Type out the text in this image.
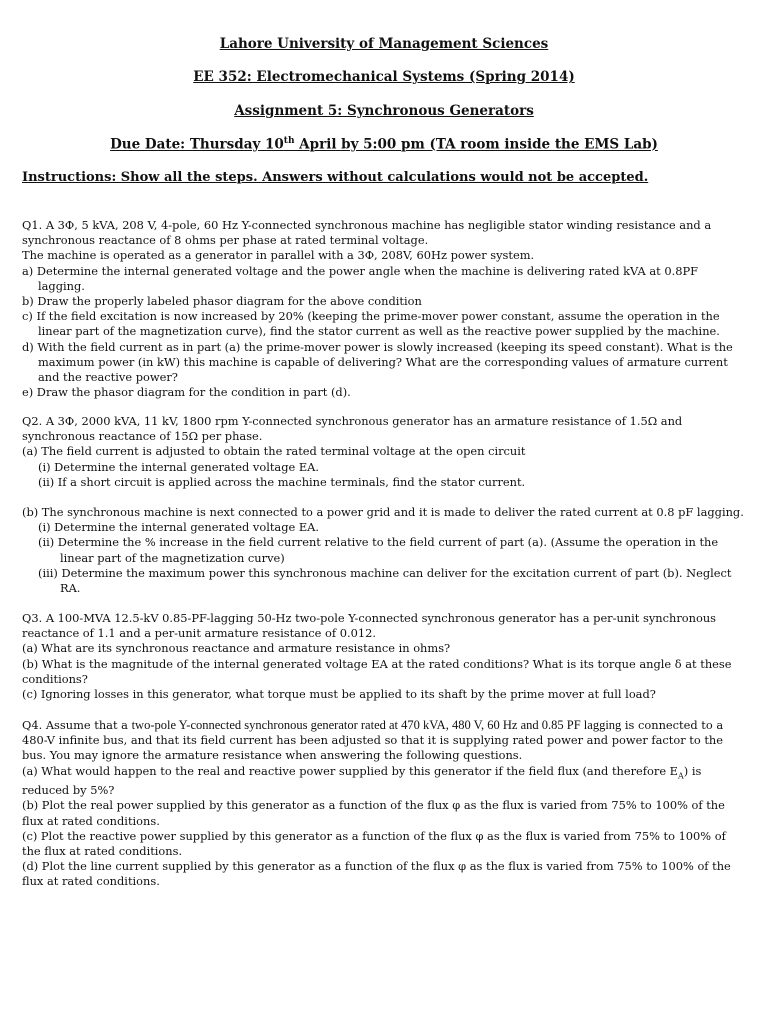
Lahore University of Management Sciences
EE 352: Electromechanical Systems (Spring 2014)
Assignment 5: Synchronous Generators
Due Date: Thursday 10th April by 5:00 pm (TA room inside the EMS Lab)
Instructions: Show all the steps. Answers without calculations would not be accepted.

Q1. A 3Φ, 5 kVA, 208 V, 4-pole, 60 Hz Y-connected synchronous machine has negligible stator winding resistance and a synchronous reactance of 8 ohms per phase at rated terminal voltage.

The machine is operated as a generator in parallel with a 3Φ, 208V, 60Hz power system.

a) Determine the internal generated voltage and the power angle when the machine is delivering rated kVA at 0.8PF lagging.

b) Draw the properly labeled phasor diagram for the above condition

c) If the field excitation is now increased by 20% (keeping the prime-mover power constant, assume the operation in the linear part of the magnetization curve), find the stator current as well as the reactive power supplied by the machine.

d) With the field current as in part (a) the prime-mover power is slowly increased (keeping its speed constant). What is the maximum power (in kW) this machine is capable of delivering? What are the corresponding values of armature current and the reactive power?

e) Draw the phasor diagram for the condition in part (d).

Q2. A 3Φ, 2000 kVA, 11 kV, 1800 rpm Y-connected synchronous generator has an armature resistance of 1.5Ω and synchronous reactance of 15Ω per phase.

(a) The field current is adjusted to obtain the rated terminal voltage at the open circuit

(i) Determine the internal generated voltage EA.

(ii) If a short circuit is applied across the machine terminals, find the stator current.

(b) The synchronous machine is next connected to a power grid and it is made to deliver the rated current at 0.8 pF lagging.

(i) Determine the internal generated voltage EA.

(ii) Determine the % increase in the field current relative to the field current of part (a). (Assume the operation in the linear part of the magnetization curve)

(iii) Determine the maximum power this synchronous machine can deliver for the excitation current of part (b). Neglect RA.

Q3. A 100-MVA 12.5-kV 0.85-PF-lagging 50-Hz two-pole Y-connected synchronous generator has a per-unit synchronous reactance of 1.1 and a per-unit armature resistance of 0.012.

(a) What are its synchronous reactance and armature resistance in ohms?

(b) What is the magnitude of the internal generated voltage EA at the rated conditions? What is its torque angle δ at these conditions?

(c) Ignoring losses in this generator, what torque must be applied to its shaft by the prime mover at full load?

Q4. Assume that a two-pole Y-connected synchronous generator rated at 470 kVA, 480 V, 60 Hz and 0.85 PF lagging is connected to a 480-V infinite bus, and that its field current has been adjusted so that it is supplying rated power and power factor to the bus. You may ignore the armature resistance when answering the following questions.

(a) What would happen to the real and reactive power supplied by this generator if the field flux (and therefore $E_A$) is reduced by 5%?

(b) Plot the real power supplied by this generator as a function of the flux φ as the flux is varied from 75% to 100% of the flux at rated conditions.

(c) Plot the reactive power supplied by this generator as a function of the flux φ as the flux is varied from 75% to 100% of the flux at rated conditions.

(d) Plot the line current supplied by this generator as a function of the flux φ as the flux is varied from 75% to 100% of the flux at rated conditions.
